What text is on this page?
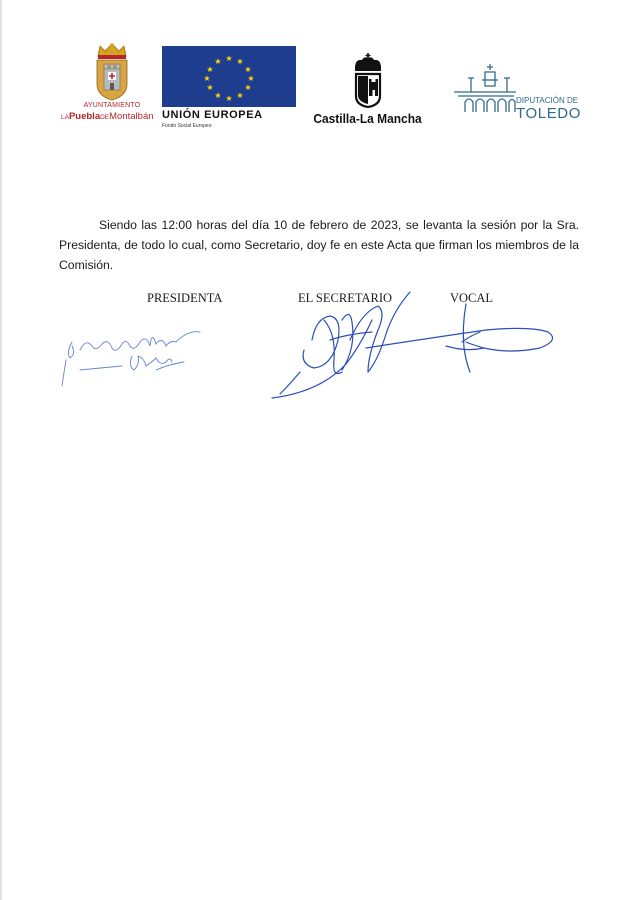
AYUNTAMIENTO
LAPueblaDEMontalbán
★ ★
★
★
★
★
★
★
★
★
★
★
UNIÓN EUROPEA
Fondo Social Europeo	Castilla-La Mancha
DIPUTACIÓN DE
TOLEDO

Siendo las 12:00 horas del día 10 de febrero de 2023, se levanta la sesión por la Sra. Presidenta, de todo lo cual, como Secretario, doy fe en este Acta que firman los miembros de la Comisión.

PRESIDENTA	EL SECRETARIO	VOCAL
